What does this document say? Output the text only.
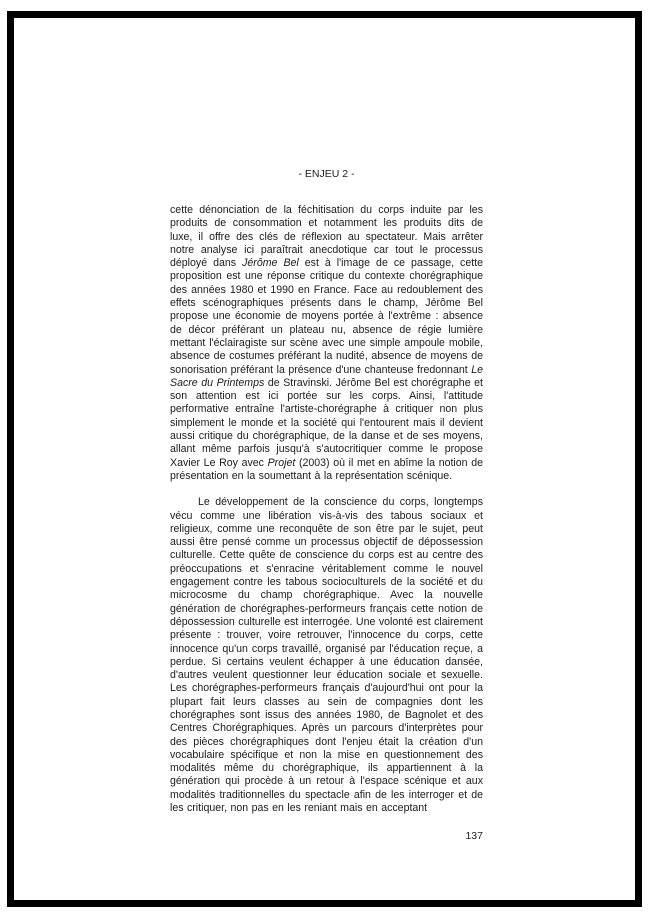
- ENJEU 2 -

cette dénonciation de la féchitisation du corps induite par les produits de consommation et notamment les produits dits de luxe, il offre des clés de réflexion au spectateur. Mais arrêter notre analyse ici paraîtrait anecdotique car tout le processus déployé dans Jérôme Bel est à l'image de ce passage, cette proposition est une réponse critique du contexte chorégraphique des années 1980 et 1990 en France. Face au redoublement des effets scénographiques présents dans le champ, Jérôme Bel propose une économie de moyens portée à l'extrême : absence de décor préférant un plateau nu, absence de régie lumière mettant l'éclairagiste sur scène avec une simple ampoule mobile, absence de costumes préférant la nudité, absence de moyens de sonorisation préférant la présence d'une chanteuse fredonnant Le Sacre du Printemps de Stravinski. Jérôme Bel est chorégraphe et son attention est ici portée sur les corps. Ainsi, l'attitude performative entraîne l'artiste-chorégraphe à critiquer non plus simplement le monde et la société qui l'entourent mais il devient aussi critique du chorégraphique, de la danse et de ses moyens, allant même parfois jusqu'à s'autocritiquer comme le propose Xavier Le Roy avec Projet (2003) où il met en abîme la notion de présentation en la soumettant à la représentation scénique.

Le développement de la conscience du corps, longtemps vécu comme une libération vis-à-vis des tabous sociaux et religieux, comme une reconquête de son être par le sujet, peut aussi être pensé comme un processus objectif de dépossession culturelle. Cette quête de conscience du corps est au centre des préoccupations et s'enracine véritablement comme le nouvel engagement contre les tabous socioculturels de la société et du microcosme du champ chorégraphique. Avec la nouvelle génération de chorégraphes-performeurs français cette notion de dépossession culturelle est interrogée. Une volonté est clairement présente : trouver, voire retrouver, l'innocence du corps, cette innocence qu'un corps travaillé, organisé par l'éducation reçue, a perdue. Si certains veulent échapper à une éducation dansée, d'autres veulent questionner leur éducation sociale et sexuelle. Les chorégraphes-performeurs français d'aujourd'hui ont pour la plupart fait leurs classes au sein de compagnies dont les chorégraphes sont issus des années 1980, de Bagnolet et des Centres Chorégraphiques. Après un parcours d'interprètes pour des pièces chorégraphiques dont l'enjeu était la création d'un vocabulaire spécifique et non la mise en questionnement des modalités même du chorégraphique, ils appartiennent à la génération qui procède à un retour à l'espace scénique et aux modalités traditionnelles du spectacle afin de les interroger et de les critiquer, non pas en les reniant mais en acceptant

137
